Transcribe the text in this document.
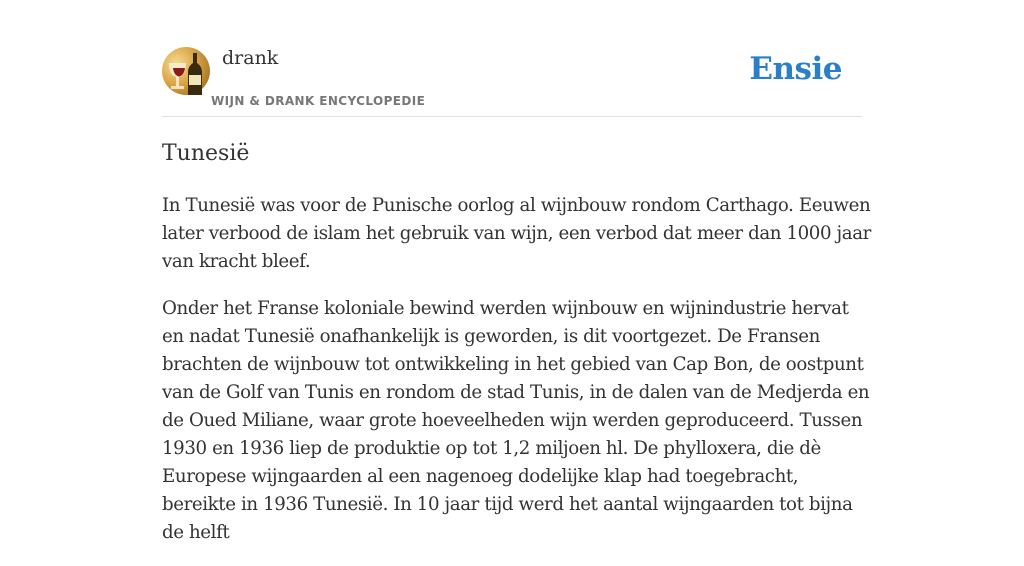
drank
WIJN & DRANK ENCYCLOPEDIE
Ensie
Tunesië

In Tunesië was voor de Punische oorlog al wijnbouw rondom Carthago. Eeuwen later verbood de islam het gebruik van wijn, een verbod dat meer dan 1000 jaar van kracht bleef.

Onder het Franse koloniale bewind werden wijnbouw en wijnindustrie hervat en nadat Tunesië onafhankelijk is geworden, is dit voortgezet. De Fransen brachten de wijnbouw tot ontwikkeling in het gebied van Cap Bon, de oostpunt van de Golf van Tunis en rondom de stad Tunis, in de dalen van de Medjerda en de Oued Miliane, waar grote hoeveelheden wijn werden geproduceerd. Tussen 1930 en 1936 liep de produktie op tot 1,2 miljoen hl. De phylloxera, die dè Europese wijngaarden al een nagenoeg dodelijke klap had toegebracht, bereikte in 1936 Tunesië. In 10 jaar tijd werd het aantal wijngaarden tot bijna de helft
